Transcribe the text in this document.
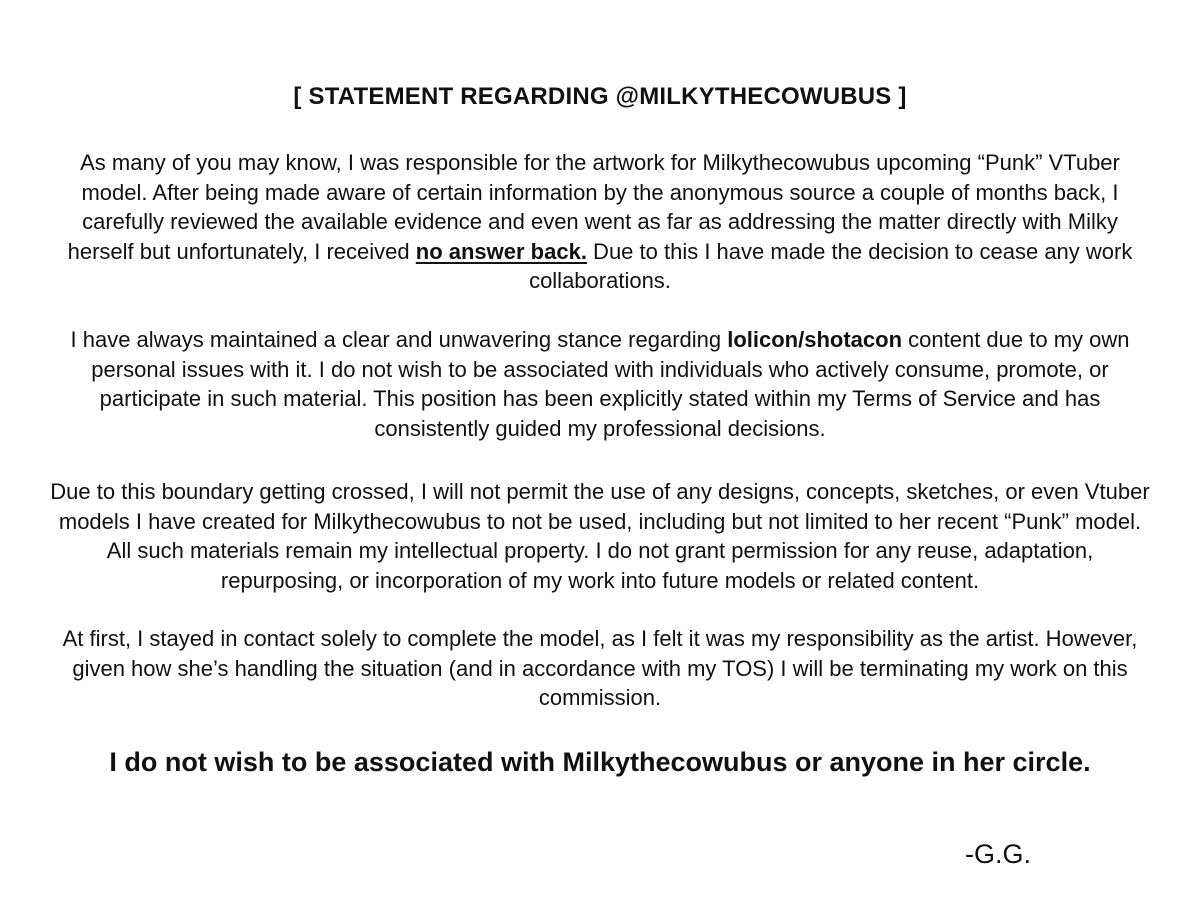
[ STATEMENT REGARDING @MILKYTHECOWUBUS ]

As many of you may know, I was responsible for the artwork for Milkythecowubus upcoming “Punk” VTuber model. After being made aware of certain information by the anonymous source a couple of months back, I carefully reviewed the available evidence and even went as far as addressing the matter directly with Milky herself but unfortunately, I received no answer back. Due to this I have made the decision to cease any work collaborations.

I have always maintained a clear and unwavering stance regarding lolicon/shotacon content due to my own personal issues with it. I do not wish to be associated with individuals who actively consume, promote, or participate in such material. This position has been explicitly stated within my Terms of Service and has consistently guided my professional decisions.

Due to this boundary getting crossed, I will not permit the use of any designs, concepts, sketches, or even Vtuber models I have created for Milkythecowubus to not be used, including but not limited to her recent “Punk” model. All such materials remain my intellectual property. I do not grant permission for any reuse, adaptation, repurposing, or incorporation of my work into future models or related content.

At first, I stayed in contact solely to complete the model, as I felt it was my responsibility as the artist. However, given how she’s handling the situation (and in accordance with my TOS) I will be terminating my work on this commission.

I do not wish to be associated with Milkythecowubus or anyone in her circle.
-G.G.
